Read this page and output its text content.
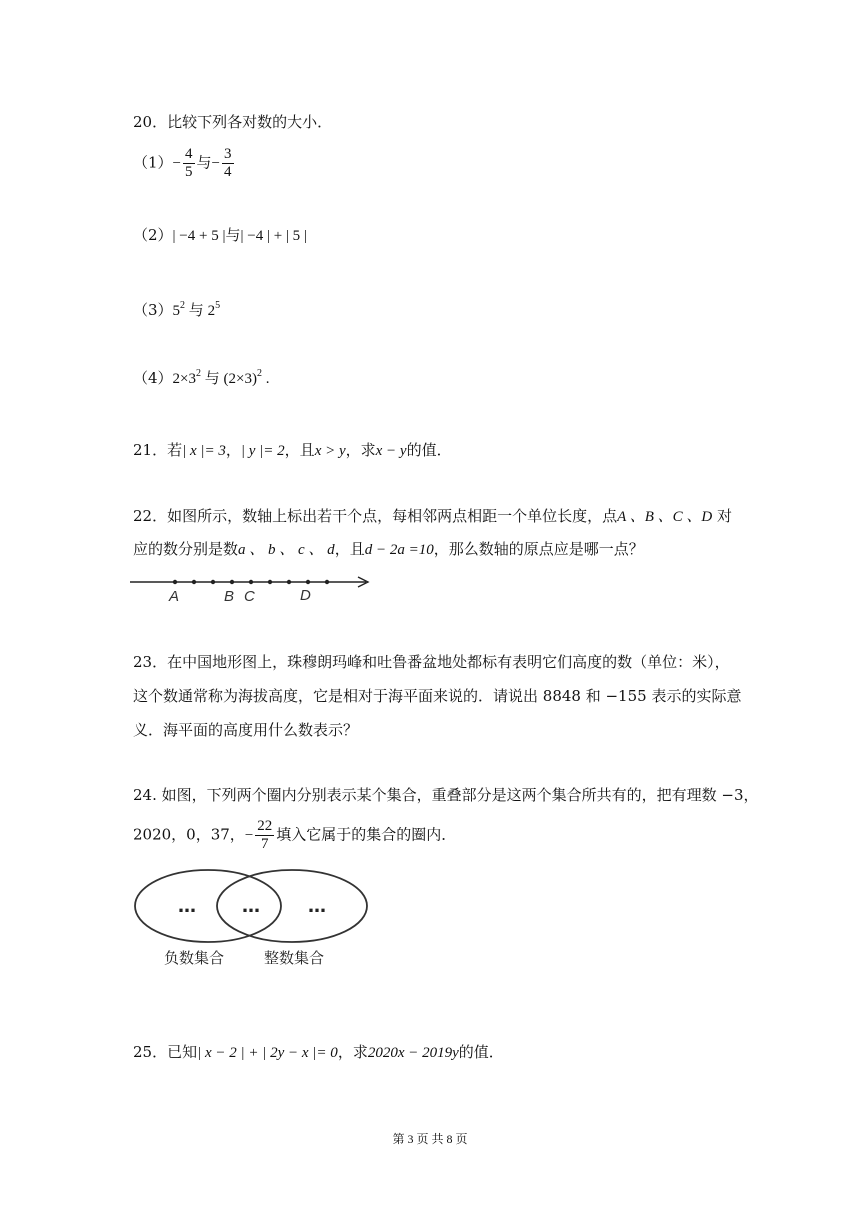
20．比较下列各对数的大小．
$(1)- \frac{4}{5}$ 与− $\frac{3}{4}$
（2）| −4 + 5 |与| −4 | + | 5 |
$(3)5^2$ 与 $2^5$
$(4)2\times 3^2$ 与 $(2\times 3)^2$ .
21．若| x |= 3，| y |= 2，且x > y，求x − y的值．
22．如图所示，数轴上标出若干个点，每相邻两点相距一个单位长度，点A 、B 、C 、D 对
应的数分别是数a 、 b 、 c 、 d，且d − 2a =10，那么数轴的原点应是哪一点？
A	B C	D
23．在中国地形图上，珠穆朗玛峰和吐鲁番盆地处都标有表明它们高度的数（单位：米），
这个数通常称为海拔高度，它是相对于海平面来说的．请说出 8848 和 −155 表示的实际意
义．海平面的高度用什么数表示？
24. 如图，下列两个圈内分别表示某个集合，重叠部分是这两个集合所共有的，把有理数 −3，
2020，0，37，− $\frac{22}{7}$ 填入它属于的集合的圈内．
…	…	…
负数集合	整数集合
25．已知| x − 2 | + | 2y − x |= 0，求2020x − 2019y的值．
第 3 页 共 8 页
